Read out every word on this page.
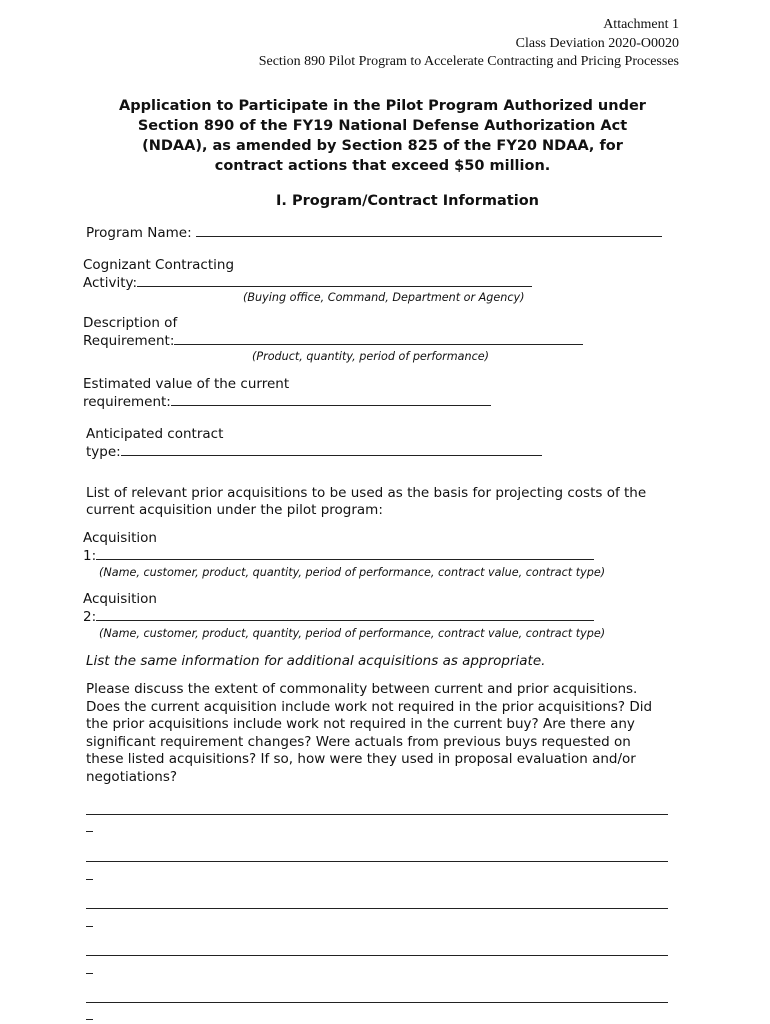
Attachment 1
Class Deviation 2020-O0020
Section 890 Pilot Program to Accelerate Contracting and Pricing Processes
Application to Participate in the Pilot Program Authorized under
Section 890 of the FY19 National Defense Authorization Act
(NDAA), as amended by Section 825 of the FY20 NDAA, for
contract actions that exceed $50 million.
I. Program/Contract Information
Program Name:
Cognizant Contracting
Activity:
(Buying office, Command, Department or Agency)
Description of
Requirement:
(Product, quantity, period of performance)
Estimated value of the current
requirement:
Anticipated contract
type:
List of relevant prior acquisitions to be used as the basis for projecting costs of the
current acquisition under the pilot program:
Acquisition
1:
(Name, customer, product, quantity, period of performance, contract value, contract type)
Acquisition
2:
(Name, customer, product, quantity, period of performance, contract value, contract type)
List the same information for additional acquisitions as appropriate.
Please discuss the extent of commonality between current and prior acquisitions.
Does the current acquisition include work not required in the prior acquisitions? Did
the prior acquisitions include work not required in the current buy? Are there any
significant requirement changes? Were actuals from previous buys requested on
these listed acquisitions? If so, how were they used in proposal evaluation and/or
negotiations?
